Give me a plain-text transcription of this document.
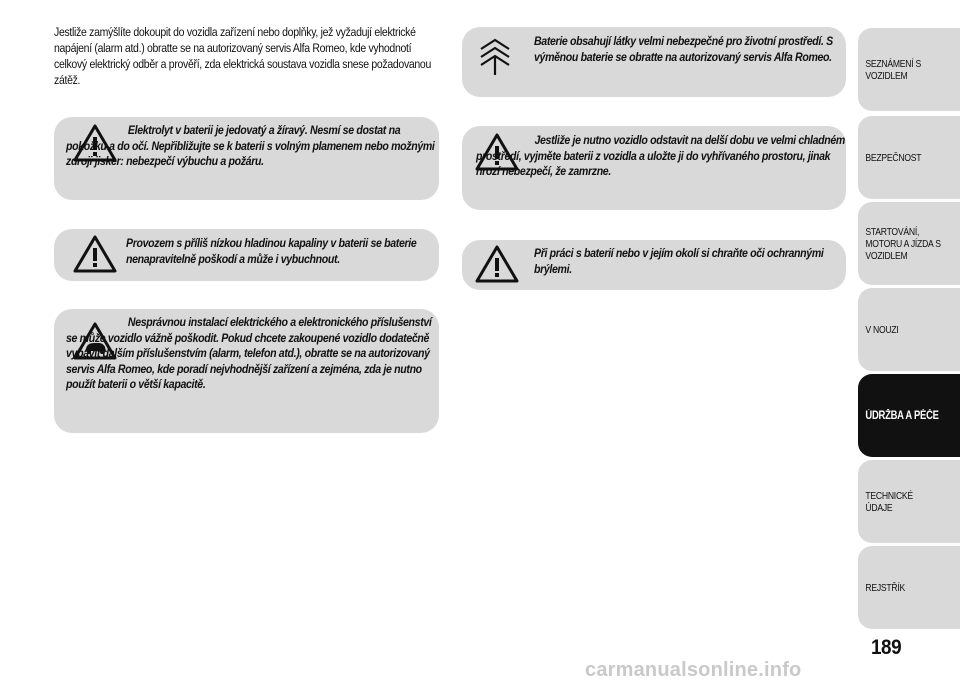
Jestliže zamýšlíte dokoupit do vozidla zařízení nebo doplňky, jež vyžadují elektrické napájení (alarm atd.) obratte se na autorizovaný servis Alfa Romeo, kde vyhodnotí celkový elektrický odběr a prověří, zda elektrická soustava vozidla snese požadovanou zátěž.
Elektrolyt v baterii je jedovatý a žíravý. Nesmí se dostat na pokožku a do očí. Nepřibližujte se k baterii s volným plamenem nebo možnými zdroji jisker: nebezpečí výbuchu a požáru.
Provozem s příliš nízkou hladinou kapaliny v baterii se baterie nenapravitelně poškodí a může i vybuchnout.
Nesprávnou instalací elektrického a elektronického příslušenství se může vozidlo vážně poškodit. Pokud chcete zakoupené vozidlo dodatečně vybavit dalším příslušenstvím (alarm, telefon atd.), obratte se na autorizovaný servis Alfa Romeo, kde poradí nejvhodnější zařízení a zejména, zda je nutno použít baterii o větší kapacitě.
Baterie obsahují látky velmi nebezpečné pro životní prostředí. S výměnou baterie se obratte na autorizovaný servis Alfa Romeo.
Jestliže je nutno vozidlo odstavit na delší dobu ve velmi chladném prostředí, vyjměte baterii z vozidla a uložte ji do vyhřívaného prostoru, jinak hrozí nebezpečí, že zamrzne.
Při práci s baterií nebo v jejím okolí si chraňte oči ochrannými brýlemi.
SEZNÁMENÍ S VOZIDLEM
BEZPEČNOST
STARTOVÁNÍ, MOTORU A JÍZDA S VOZIDLEM
V NOUZI
ÚDRŽBA A PÉČE
TECHNICKÉ ÚDAJE
REJSTŘÍK
189
carmanualsonline.info
